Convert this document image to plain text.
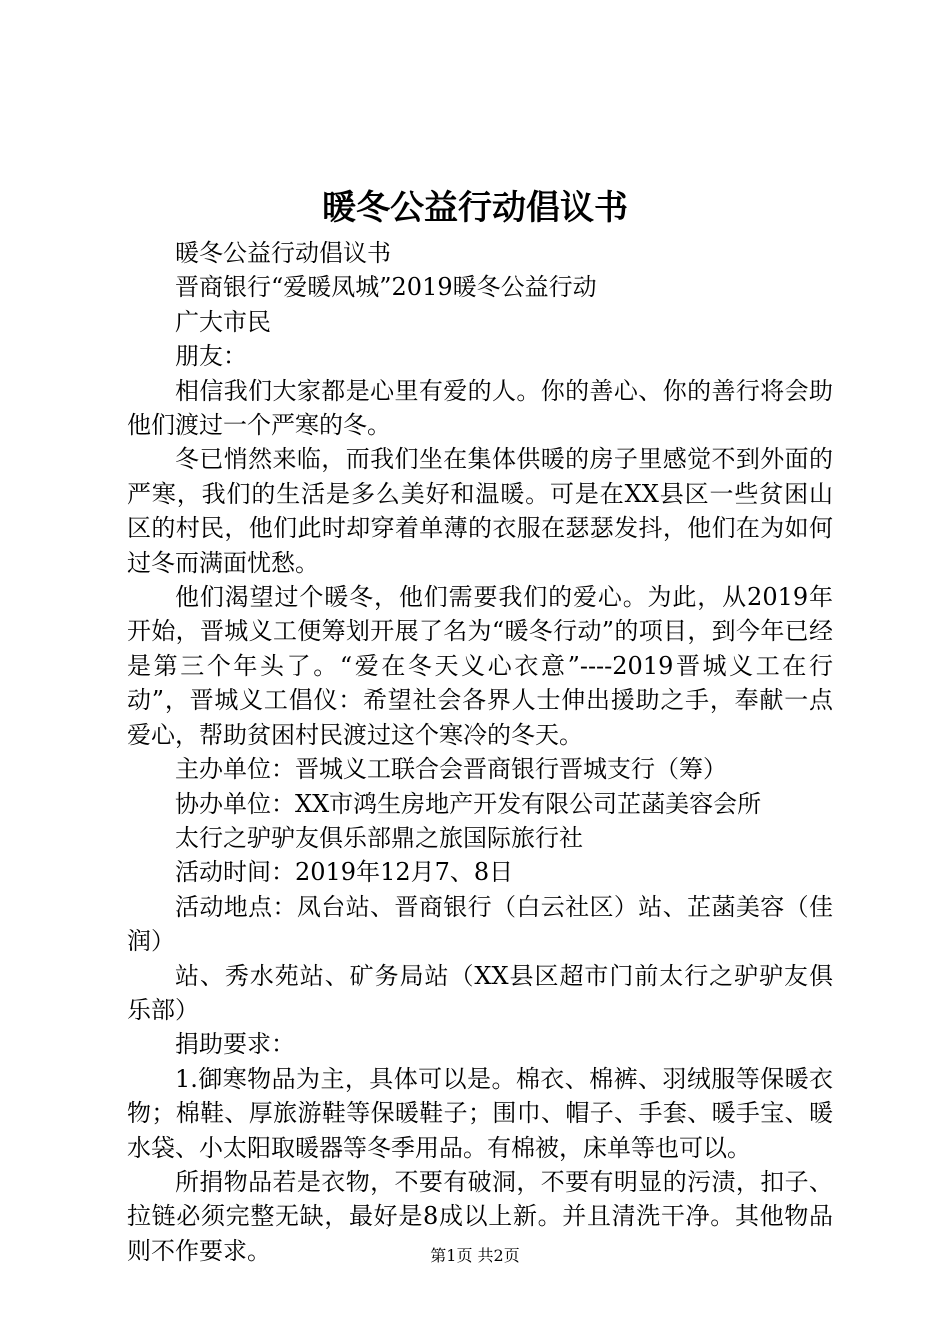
暖冬公益行动倡议书

暖冬公益行动倡议书

晋商银行“爱暖凤城”2019暖冬公益行动

广大市民

朋友：

相信我们大家都是心里有爱的人。你的善心、你的善行将会助他们渡过一个严寒的冬。

冬已悄然来临，而我们坐在集体供暖的房子里感觉不到外面的严寒，我们的生活是多么美好和温暖。可是在XX县区一些贫困山区的村民，他们此时却穿着单薄的衣服在瑟瑟发抖，他们在为如何过冬而满面忧愁。

他们渴望过个暖冬，他们需要我们的爱心。为此，从2019年开始，晋城义工便筹划开展了名为“暖冬行动”的项目，到今年已经是第三个年头了。“爱在冬天义心衣意”----2019晋城义工在行动”，晋城义工倡仪：希望社会各界人士伸出援助之手，奉献一点爱心，帮助贫困村民渡过这个寒冷的冬天。

主办单位：晋城义工联合会晋商银行晋城支行（筹）

协办单位：XX市鸿生房地产开发有限公司芷菡美容会所

太行之驴驴友俱乐部鼎之旅国际旅行社

活动时间：2019年12月7、8日

活动地点：凤台站、晋商银行（白云社区）站、芷菡美容（佳润）

站、秀水苑站、矿务局站（XX县区超市门前太行之驴驴友俱乐部）

捐助要求：

1.御寒物品为主，具体可以是。棉衣、棉裤、羽绒服等保暖衣物；棉鞋、厚旅游鞋等保暖鞋子；围巾、帽子、手套、暖手宝、暖水袋、小太阳取暖器等冬季用品。有棉被，床单等也可以。

所捐物品若是衣物，不要有破洞，不要有明显的污渍，扣子、拉链必须完整无缺，最好是8成以上新。并且清洗干净。其他物品则不作要求。	第1页 共2页
